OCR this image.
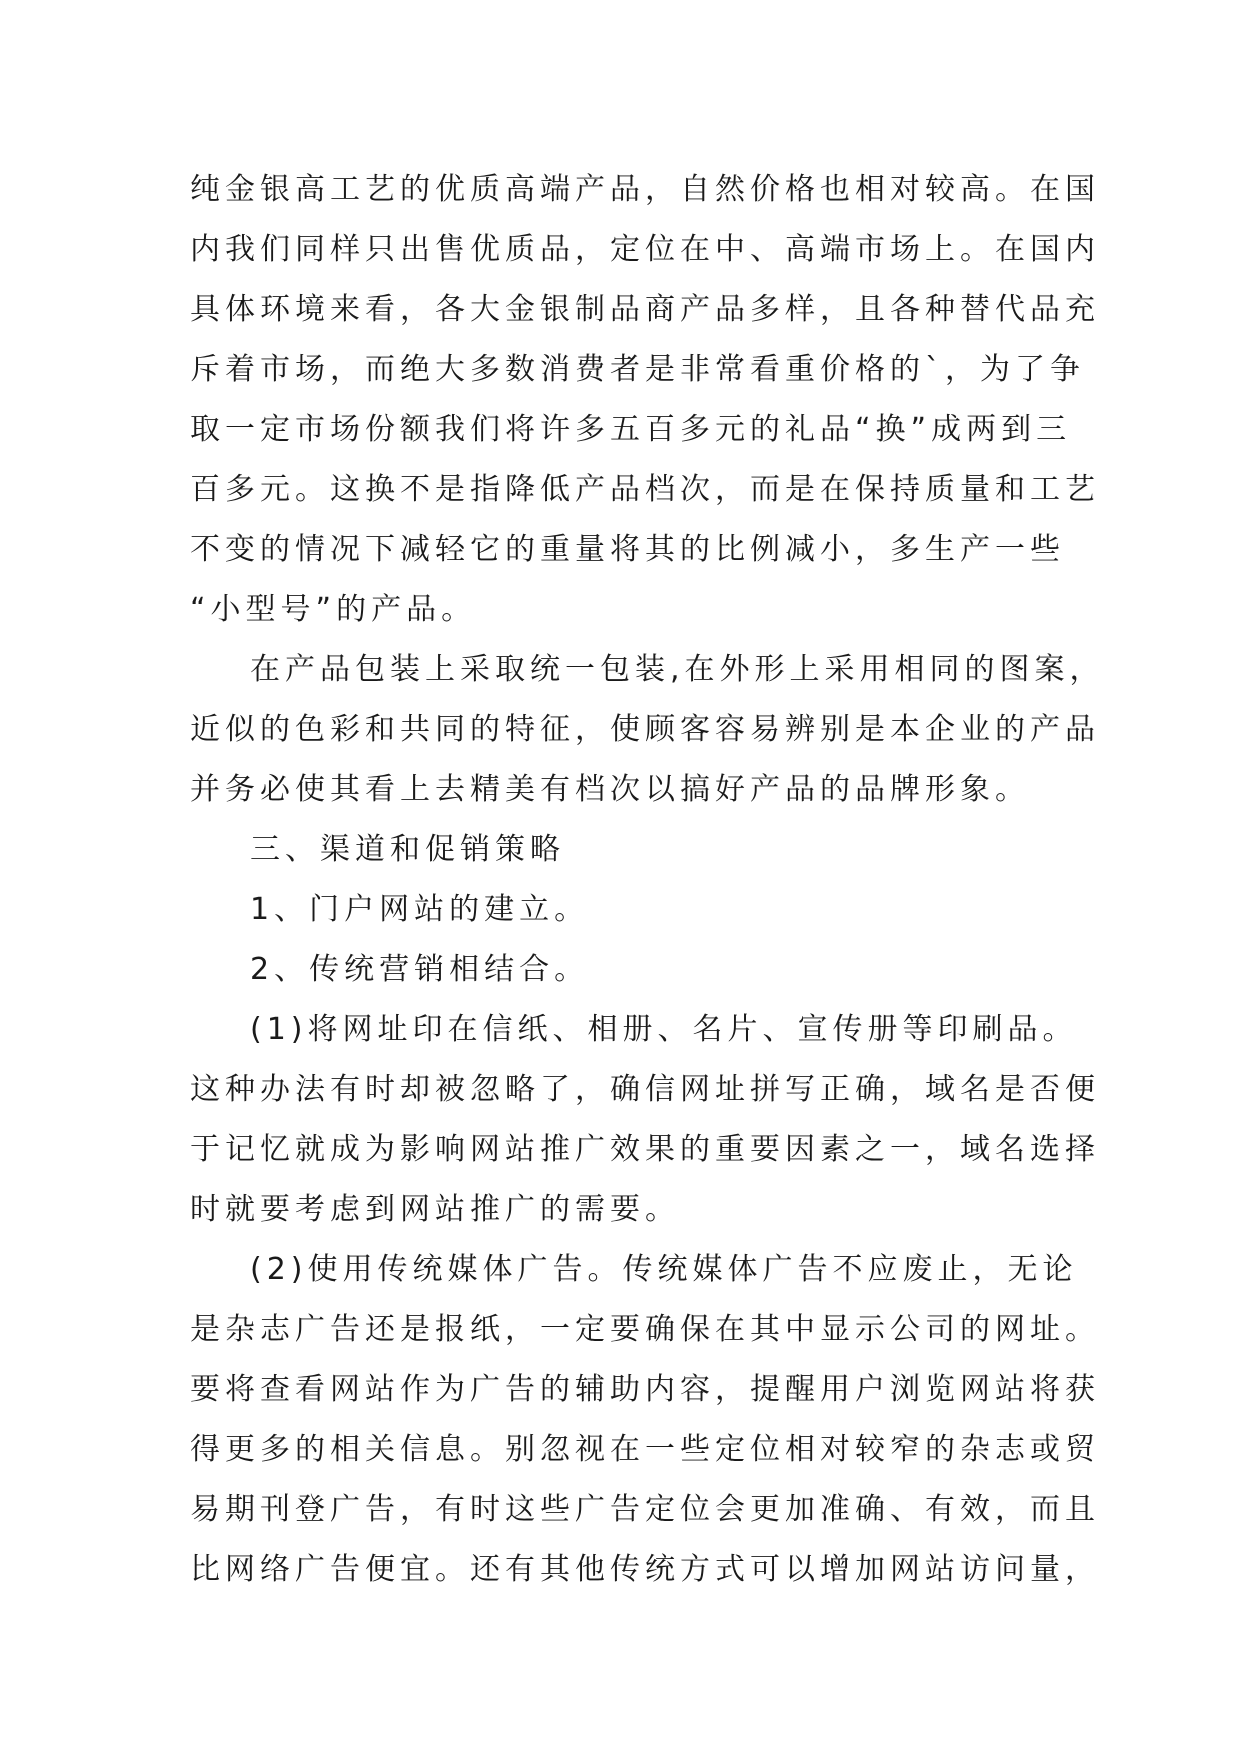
纯金银高工艺的优质高端产品，自然价格也相对较高。在国
内我们同样只出售优质品，定位在中、高端市场上。在国内
具体环境来看，各大金银制品商产品多样，且各种替代品充
斥着市场，而绝大多数消费者是非常看重价格的`，为了争
取一定市场份额我们将许多五百多元的礼品“换”成两到三
百多元。这换不是指降低产品档次，而是在保持质量和工艺
不变的情况下减轻它的重量将其的比例减小，多生产一些
“小型号”的产品。
在产品包装上采取统一包装,在外形上采用相同的图案，
近似的色彩和共同的特征，使顾客容易辨别是本企业的产品
并务必使其看上去精美有档次以搞好产品的品牌形象。
三、渠道和促销策略
1、门户网站的建立。
2、传统营销相结合。
(1)将网址印在信纸、相册、名片、宣传册等印刷品。
这种办法有时却被忽略了，确信网址拼写正确，域名是否便
于记忆就成为影响网站推广效果的重要因素之一，域名选择
时就要考虑到网站推广的需要。
(2)使用传统媒体广告。传统媒体广告不应废止，无论
是杂志广告还是报纸，一定要确保在其中显示公司的网址。
要将查看网站作为广告的辅助内容，提醒用户浏览网站将获
得更多的相关信息。别忽视在一些定位相对较窄的杂志或贸
易期刊登广告，有时这些广告定位会更加准确、有效，而且
比网络广告便宜。还有其他传统方式可以增加网站访问量，
